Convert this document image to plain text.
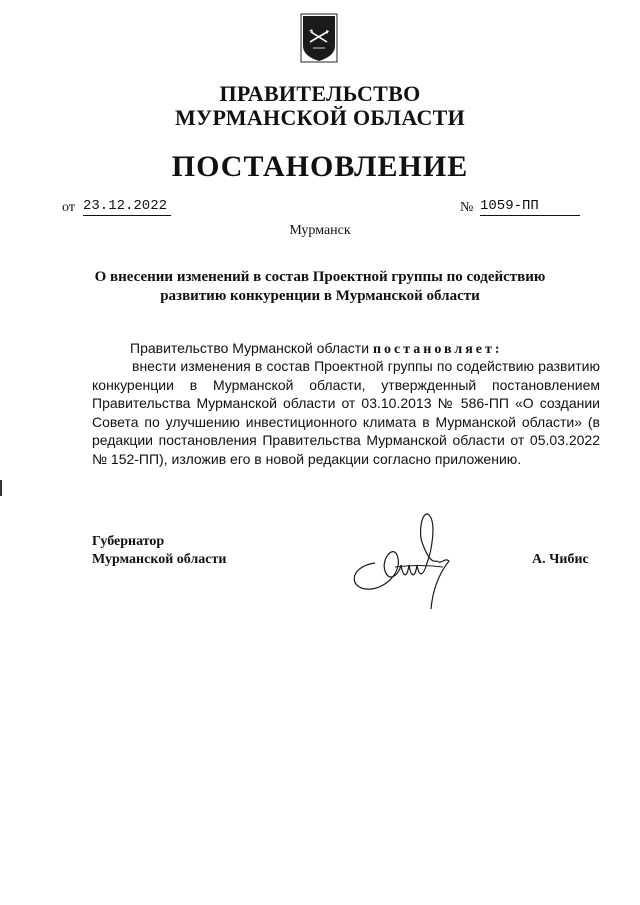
ПРАВИТЕЛЬСТВО
МУРМАНСКОЙ ОБЛАСТИ
ПОСТАНОВЛЕНИЕ
от 23.12.2022	№ 1059-ПП
Мурманск
О внесении изменений в состав Проектной группы по содействию развитию конкуренции в Мурманской области
Правительство Мурманской области постановляет:
внести изменения в состав Проектной группы по содействию развитию конкуренции в Мурманской области, утвержденный постановлением Правительства Мурманской области от 03.10.2013 № 586-ПП «О создании Совета по улучшению инвестиционного климата в Мурманской области» (в редакции постановления Правительства Мурманской области от 05.03.2022 № 152-ПП), изложив его в новой редакции согласно приложению.
Губернатор
Мурманской области	А. Чибис
